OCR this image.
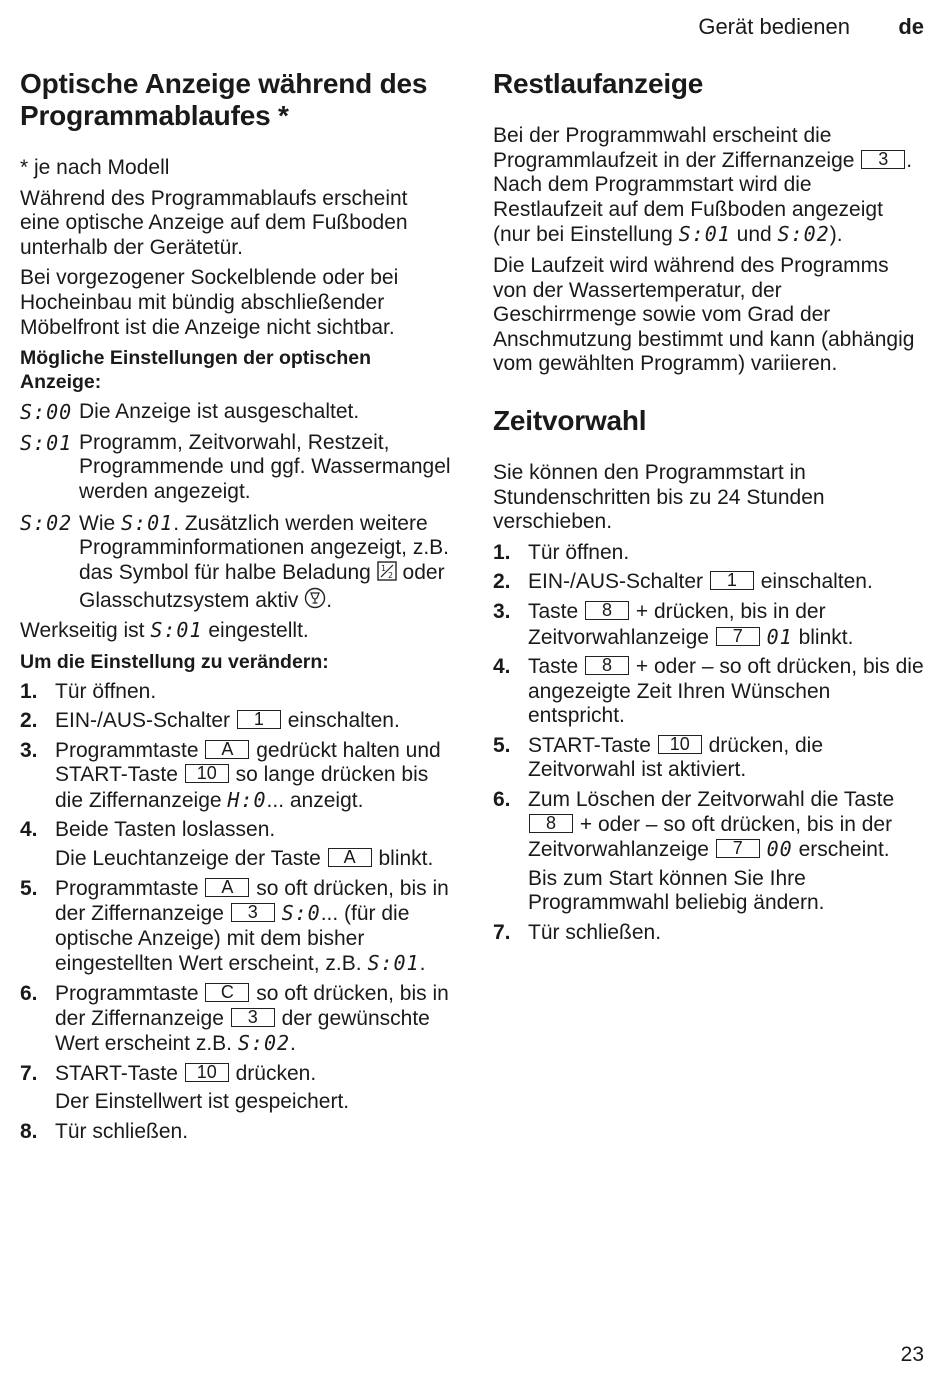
Gerät bedienen de
Optische Anzeige während des Programmablaufes *

* je nach Modell

Während des Programmablaufs erscheint eine optische Anzeige auf dem Fußboden unterhalb der Gerätetür.

Bei vorgezogener Sockelblende oder bei Hocheinbau mit bündig abschließender Möbelfront ist die Anzeige nicht sichtbar.

Mögliche Einstellungen der optischen Anzeige:
S:00 Die Anzeige ist ausgeschaltet.
S:01 Programm, Zeitvorwahl, Restzeit, Programmende und ggf. Wassermangel werden angezeigt.
S:02 Wie S:01. Zusätzlich werden weitere Programminformationen angezeigt, z.B. das Symbol für halbe Beladung 1
2 oder Glasschutzsystem aktiv .

Werkseitig ist S:01 eingestellt.

Um die Einstellung zu verändern:
1. Tür öffnen.
2. EIN-/AUS-Schalter 1 einschalten.
3. Programmtaste A gedrückt halten und START-Taste 10 so lange drücken bis die Ziffernanzeige H:0... anzeigt.
4. Beide Tasten loslassen.
Die Leuchtanzeige der Taste A blinkt.
5. Programmtaste A so oft drücken, bis in der Ziffernanzeige 3 S:0... (für die optische Anzeige) mit dem bisher eingestellten Wert erscheint, z.B. S:01.
6. Programmtaste C so oft drücken, bis in der Ziffernanzeige 3 der gewünschte Wert erscheint z.B. S:02.
7. START-Taste 10 drücken.
Der Einstellwert ist gespeichert.
8. Tür schließen.
Restlaufanzeige

Bei der Programmwahl erscheint die Programmlaufzeit in der Ziffernanzeige 3 . Nach dem Programmstart wird die Restlaufzeit auf dem Fußboden angezeigt (nur bei Einstellung S:01 und S:02).

Die Laufzeit wird während des Programms von der Wassertemperatur, der Geschirrmenge sowie vom Grad der Anschmutzung bestimmt und kann (abhängig vom gewählten Programm) variieren.

Zeitvorwahl

Sie können den Programmstart in Stundenschritten bis zu 24 Stunden verschieben.

1. Tür öffnen.
2. EIN-/AUS-Schalter 1 einschalten.
3. Taste 8 + drücken, bis in der Zeitvorwahlanzeige 7 01 blinkt.
4. Taste 8 + oder – so oft drücken, bis die angezeigte Zeit Ihren Wünschen entspricht.
5. START-Taste 10 drücken, die Zeitvorwahl ist aktiviert.
6. Zum Löschen der Zeitvorwahl die Taste 8 + oder – so oft drücken, bis in der Zeitvorwahlanzeige 7 00 erscheint.
Bis zum Start können Sie Ihre Programmwahl beliebig ändern.
7. Tür schließen.
23
